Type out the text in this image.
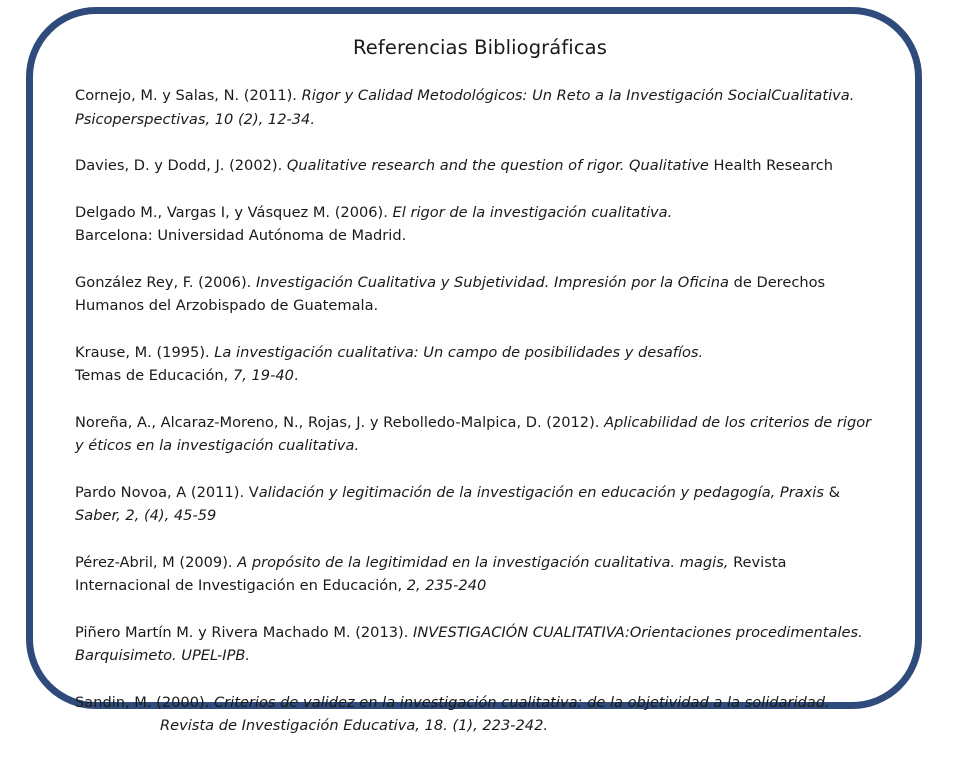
Referencias Bibliográficas
Cornejo, M. y Salas, N. (2011). Rigor y Calidad Metodológicos: Un Reto a la Investigación SocialCualitativa.
Psicoperspectivas, 10 (2), 12-34.
Davies, D. y Dodd, J. (2002). Qualitative research and the question of rigor. Qualitative Health Research
Delgado M., Vargas I, y Vásquez M. (2006). El rigor de la investigación cualitativa.
Barcelona: Universidad Autónoma de Madrid.
González Rey, F. (2006). Investigación Cualitativa y Subjetividad. Impresión por la Oficina de Derechos
Humanos del Arzobispado de Guatemala.
Krause, M. (1995). La investigación cualitativa: Un campo de posibilidades y desafíos.
Temas de Educación, 7, 19-40.
Noreña, A., Alcaraz-Moreno, N., Rojas, J. y Rebolledo-Malpica, D. (2012). Aplicabilidad de los criterios de rigor
y éticos en la investigación cualitativa.
Pardo Novoa, A (2011). Validación y legitimación de la investigación en educación y pedagogía, Praxis &
Saber, 2, (4), 45-59
Pérez-Abril, M (2009). A propósito de la legitimidad en la investigación cualitativa. magis, Revista
Internacional de Investigación en Educación, 2, 235-240
Piñero Martín M. y Rivera Machado M. (2013). INVESTIGACIÓN CUALITATIVA:Orientaciones procedimentales.
Barquisimeto. UPEL-IPB.
Sandin, M. (2000). Criterios de validez en la investigación cualitativa: de la objetividad a la solidaridad.
Revista de Investigación Educativa, 18. (1), 223-242.
